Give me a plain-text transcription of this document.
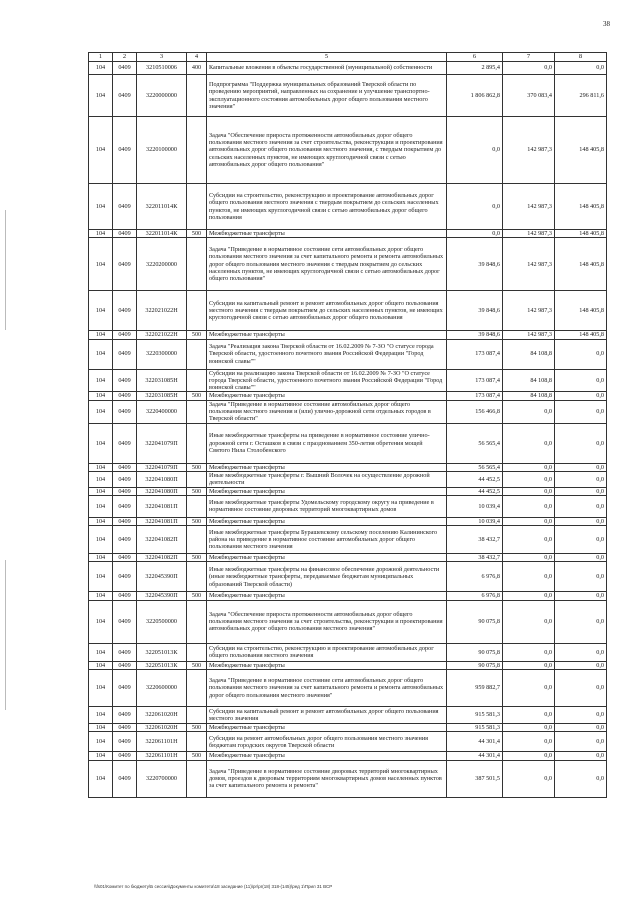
38
1	2	3	4	5	6	7	8
104	0409	3210510006	400	Капитальные вложения в объекты государственной (муниципальной) собственности	2 895,4	0,0	0,0
104	0409	3220000000		Подпрограмма "Поддержка муниципальных образований Тверской области по проведению мероприятий, направленных на сохранение и улучшение транспортно-эксплуатационного состояния автомобильных дорог общего пользования местного значения"	1 806 862,8	370 083,4	296 811,6
104	0409	3220100000		Задача "Обеспечение прироста протяженности автомобильных дорог общего пользования местного значения за счет строительства, реконструкции и проектирования автомобильных дорог общего пользования местного значения, с твердым покрытием до сельских населенных пунктов, не имеющих круглогодичной связи с сетью автомобильных дорог общего пользования"	0,0	142 987,3	148 405,8
104	0409	322011014К		Субсидии на строительство, реконструкцию и проектирование автомобильных дорог общего пользования местного значения с твердым покрытием до сельских населенных пунктов, не имеющих круглогодичной связи с сетью автомобильных дорог общего пользования	0,0	142 987,3	148 405,8
104	0409	322011014К	500	Межбюджетные трансферты	0,0	142 987,3	148 405,8
104	0409	3220200000		Задача "Приведение в нормативное состояние сети автомобильных дорог общего пользования местного значения за счет капитального ремонта и ремонта автомобильных дорог общего пользования местного значения с твердым покрытием до сельских населенных пунктов, не имеющих круглогодичной связи с сетью автомобильных дорог общего пользования"	39 848,6	142 987,3	148 405,8
104	0409	322021022Н		Субсидии на капитальный ремонт и ремонт автомобильных дорог общего пользования местного значения с твердым покрытием до сельских населенных пунктов, не имеющих круглогодичной связи с сетью автомобильных дорог общего пользования	39 848,6	142 987,3	148 405,8
104	0409	322021022Н	500	Межбюджетные трансферты	39 848,6	142 987,3	148 405,8
104	0409	3220300000		Задача "Реализация закона Тверской области от 16.02.2009 № 7-ЗО "О статусе города Тверской области, удостоенного почетного звания Российской Федерации "Город воинской славы""	173 087,4	84 108,8	0,0
104	0409	322031085Н		Субсидии на реализацию закона Тверской области от 16.02.2009 № 7-ЗО "О статусе города Тверской области, удостоенного почетного звания Российской Федерации "Город воинской славы""	173 087,4	84 108,8	0,0
104	0409	322031085Н	500	Межбюджетные трансферты	173 087,4	84 108,8	0,0
104	0409	3220400000		Задача "Приведение в нормативное состояние автомобильных дорог общего пользования местного значения и (или) улично-дорожной сети отдельных городов в Тверской области"	156 466,8	0,0	0,0
104	0409	322041079П		Иные межбюджетные трансферты на приведение в нормативное состояние улично-дорожной сети г. Осташков в связи с празднованием 350-летия обретения мощей Святого Нила Столобенского	56 565,4	0,0	0,0
104	0409	322041079П	500	Межбюджетные трансферты	56 565,4	0,0	0,0
104	0409	322041080П		Иные межбюджетные трансферты г. Вышний Волочек на осуществление дорожной деятельности	44 452,5	0,0	0,0
104	0409	322041080П	500	Межбюджетные трансферты	44 452,5	0,0	0,0
104	0409	322041081П		Иные межбюджетные трансферты Удомельскому городскому округу на приведение в нормативное состояние дворовых территорий многоквартирных домов	10 039,4	0,0	0,0
104	0409	322041081П	500	Межбюджетные трансферты	10 039,4	0,0	0,0
104	0409	322041082П		Иные межбюджетные трансферты Бурашевскому сельскому поселению Калининского района на приведение в нормативное состояние автомобильных дорог общего пользования местного значения	38 432,7	0,0	0,0
104	0409	322041082П	500	Межбюджетные трансферты	38 432,7	0,0	0,0
104	0409	322045390П		Иные межбюджетные трансферты на финансовое обеспечение дорожной деятельности (иные межбюджетные трансферты, передаваемые бюджетам муниципальных образований Тверской области)	6 976,8	0,0	0,0
104	0409	322045390П	500	Межбюджетные трансферты	6 976,8	0,0	0,0
104	0409	3220500000		Задача "Обеспечение прироста протяженности автомобильных дорог общего пользования местного значения за счет строительства, реконструкции и проектирования автомобильных дорог общего пользования местного значения"	90 075,8	0,0	0,0
104	0409	322051013К		Субсидии на строительство, реконструкцию и проектирование автомобильных дорог общего пользования местного значения	90 075,8	0,0	0,0
104	0409	322051013К	500	Межбюджетные трансферты	90 075,8	0,0	0,0
104	0409	3220600000		Задача "Приведение в нормативное состояние сети автомобильных дорог общего пользования местного значения за счет капитального ремонта и ремонта автомобильных дорог общего пользования местного значения"	959 882,7	0,0	0,0
104	0409	322061020Н		Субсидии на капитальный ремонт и ремонт автомобильных дорог общего пользования местного значения	915 581,3	0,0	0,0
104	0409	322061020Н	500	Межбюджетные трансферты	915 581,3	0,0	0,0
104	0409	322061101Н		Субсидии на ремонт автомобильных дорог общего пользования местного значения бюджетам городских округов Тверской области	44 301,4	0,0	0,0
104	0409	322061101Н	500	Межбюджетные трансферты	44 301,4	0,0	0,0
104	0409	3220700000		Задача "Приведение в нормативное состояние дворовых территорий многоквартирных домов, проездов к дворовым территориям многоквартирных домов населенных пунктов за счет капитального ремонта и ремонта"	387 501,5	0,0	0,0
\\fs01\Комитет по бюджету\Б сессия\Документы комитета\18 заседание (11)\pr\pr(18) 318-(145)\ред 1\Прил 31 ВСР
